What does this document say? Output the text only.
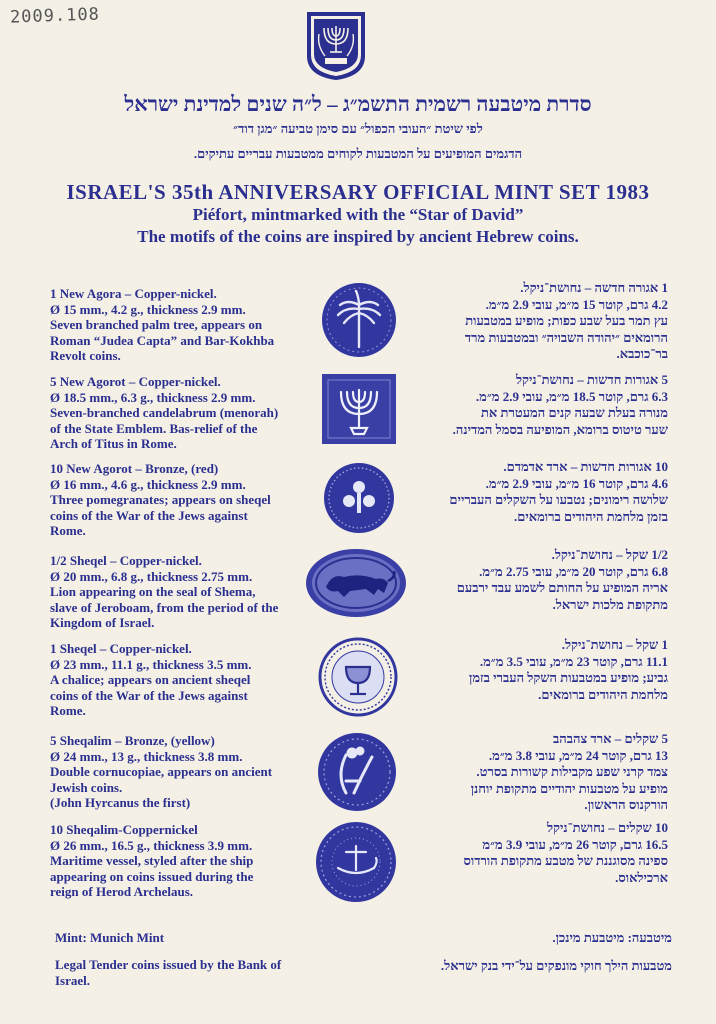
2009.108
סדרת מיטבעה רשמית התשמ״ג – ל״ה שנים למדינת ישראל
לפי שיטת ״העובי הכפול״ עם סימן טביעה ״מגן דוד״
הדגמים המופיעים על המטבעות לקוחים ממטבעות עבריים עתיקים.
ISRAEL'S 35th ANNIVERSARY OFFICIAL MINT SET 1983
Piéfort, mintmarked with the “Star of David”
The motifs of the coins are inspired by ancient Hebrew coins.
1 New Agora – Copper-nickel.
Ø 15 mm., 4.2 g., thickness 2.9 mm.
Seven branched palm tree, appears on
Roman “Judea Capta” and Bar-Kokhba
Revolt coins.
1 אגורה חדשה – נחושת־ניקל.
4.2 גרם, קוטר 15 מ״מ, עובי 2.9 מ״מ.
עץ תמר בעל שבע כפות; מופיע במטבעות
הרומאים ״יהודה השבויה״ ובמטבעות מרד
בר־כוכבא.
5 New Agorot – Copper-nickel.
Ø 18.5 mm., 6.3 g., thickness 2.9 mm.
Seven-branched candelabrum (menorah)
of the State Emblem. Bas-relief of the
Arch of Titus in Rome.
5 אגורות חדשות – נחושת־ניקל
6.3 גרם, קוטר 18.5 מ״מ, עובי 2.9 מ״מ.
מנורה בעלת שבעה קנים המעטרת את
שער טיטוס ברומא, המופיעה בסמל המדינה.
10 New Agorot – Bronze, (red)
Ø 16 mm., 4.6 g., thickness 2.9 mm.
Three pomegranates; appears on sheqel
coins of the War of the Jews against
Rome.
10 אגורות חדשות – ארד אדמדם.
4.6 גרם, קוטר 16 מ״מ, עובי 2.9 מ״מ.
שלושה רימונים; נטבעו על השקלים העבריים
בזמן מלחמת היהודים ברומאים.
1/2 Sheqel – Copper-nickel.
Ø 20 mm., 6.8 g., thickness 2.75 mm.
Lion appearing on the seal of Shema,
slave of Jeroboam, from the period of the
Kingdom of Israel.
1/2 שקל – נחושת־ניקל.
6.8 גרם, קוטר 20 מ״מ, עובי 2.75 מ״מ.
אריה המופיע על החותם לשמע עבד ירבעם
מתקופת מלכות ישראל.
1 Sheqel – Copper-nickel.
Ø 23 mm., 11.1 g., thickness 3.5 mm.
A chalice; appears on ancient sheqel
coins of the War of the Jews against
Rome.
1 שקל – נחושת־ניקל.
11.1 גרם, קוטר 23 מ״מ, עובי 3.5 מ״מ.
גביע; מופיע במטבעות השקל העברי בזמן
מלחמת היהודים ברומאים.
5 Sheqalim – Bronze, (yellow)
Ø 24 mm., 13 g., thickness 3.8 mm.
Double cornucopiae, appears on ancient
Jewish coins.
(John Hyrcanus the first)
5 שקלים – ארד צהבהב
13 גרם, קוטר 24 מ״מ, עובי 3.8 מ״מ.
צמד קרני שפע מקבילות קשורות בסרט.
מופיע על מטבעות יהודיים מתקופת יוחנן
הורקנוס הראשון.
10 Sheqalim-Coppernickel
Ø 26 mm., 16.5 g., thickness 3.9 mm.
Maritime vessel, styled after the ship
appearing on coins issued during the
reign of Herod Archelaus.
10 שקלים – נחושת־ניקל
16.5 גרם, קוטר 26 מ״מ, עובי 3.9 מ״מ
ספינה מסוגננת של מטבע מתקופת הורדוס
ארכילאוס.
Mint: Munich Mint	מיטבעה: מיטבעת מינכן.
Legal Tender coins issued by the Bank of Israel.
מטבעות הילך חוקי מונפקים על־ידי בנק ישראל.
